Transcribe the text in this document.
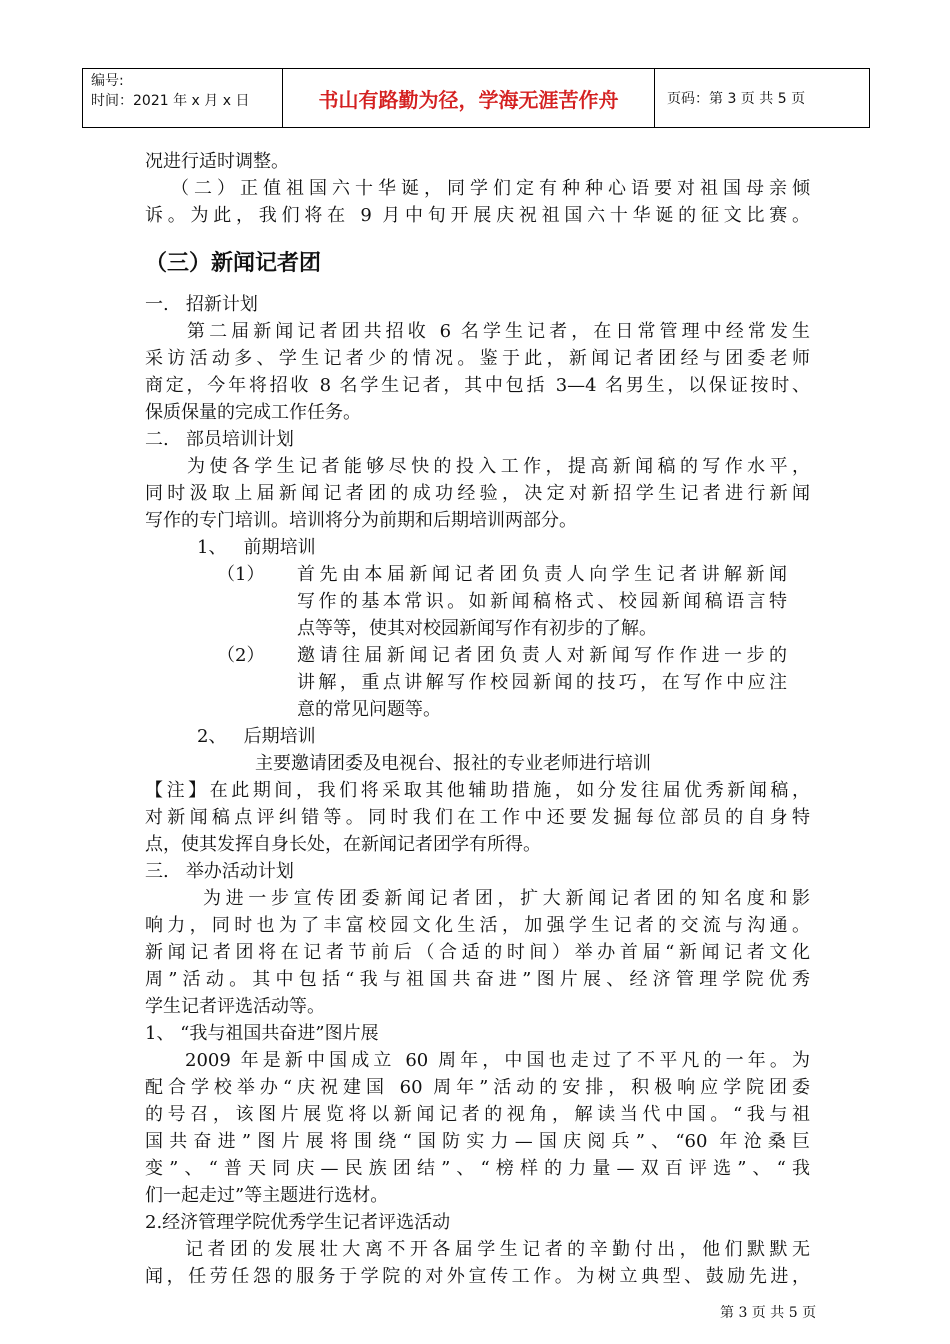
编号:
时间：2021 年 x 月 x 日	书山有路勤为径，学海无涯苦作舟	页码：第 3 页 共 5 页
况进行适时调整。
（二）正值祖国六十华诞，同学们定有种种心语要对祖国母亲倾
诉。为此，我们将在 9 月中旬开展庆祝祖国六十华诞的征文比赛。
（三）新闻记者团
一.   招新计划
第二届新闻记者团共招收 6 名学生记者，在日常管理中经常发生
采访活动多、学生记者少的情况。鉴于此，新闻记者团经与团委老师
商定，今年将招收 8 名学生记者，其中包括 3—4 名男生，以保证按时、
保质保量的完成工作任务。
二.   部员培训计划
为使各学生记者能够尽快的投入工作，提高新闻稿的写作水平，
同时汲取上届新闻记者团的成功经验，决定对新招学生记者进行新闻
写作的专门培训。培训将分为前期和后期培训两部分。
1、   前期培训
（1） 首先由本届新闻记者团负责人向学生记者讲解新闻
写作的基本常识。如新闻稿格式、校园新闻稿语言特
点等等，使其对校园新闻写作有初步的了解。
（2） 邀请往届新闻记者团负责人对新闻写作作进一步的
讲解，重点讲解写作校园新闻的技巧，在写作中应注
意的常见问题等。
2、   后期培训
主要邀请团委及电视台、报社的专业老师进行培训
【注】在此期间，我们将采取其他辅助措施，如分发往届优秀新闻稿，
对新闻稿点评纠错等。同时我们在工作中还要发掘每位部员的自身特
点，使其发挥自身长处，在新闻记者团学有所得。
三.   举办活动计划
为进一步宣传团委新闻记者团，扩大新闻记者团的知名度和影
响力，同时也为了丰富校园文化生活，加强学生记者的交流与沟通。
新闻记者团将在记者节前后（合适的时间）举办首届“新闻记者文化
周”活动。其中包括“我与祖国共奋进”图片展、经济管理学院优秀
学生记者评选活动等。
1、 “我与祖国共奋进”图片展
2009 年是新中国成立 60 周年，中国也走过了不平凡的一年。为
配合学校举办“庆祝建国 60 周年”活动的安排，积极响应学院团委
的号召，该图片展览将以新闻记者的视角，解读当代中国。“我与祖
国共奋进”图片展将围绕“国防实力—国庆阅兵”、“60 年沧桑巨
变”、“普天同庆—民族团结”、“榜样的力量—双百评选”、“我
们一起走过”等主题进行选材。
2.经济管理学院优秀学生记者评选活动
记者团的发展壮大离不开各届学生记者的辛勤付出，他们默默无
闻，任劳任怨的服务于学院的对外宣传工作。为树立典型、鼓励先进，
第 3 页 共 5 页
